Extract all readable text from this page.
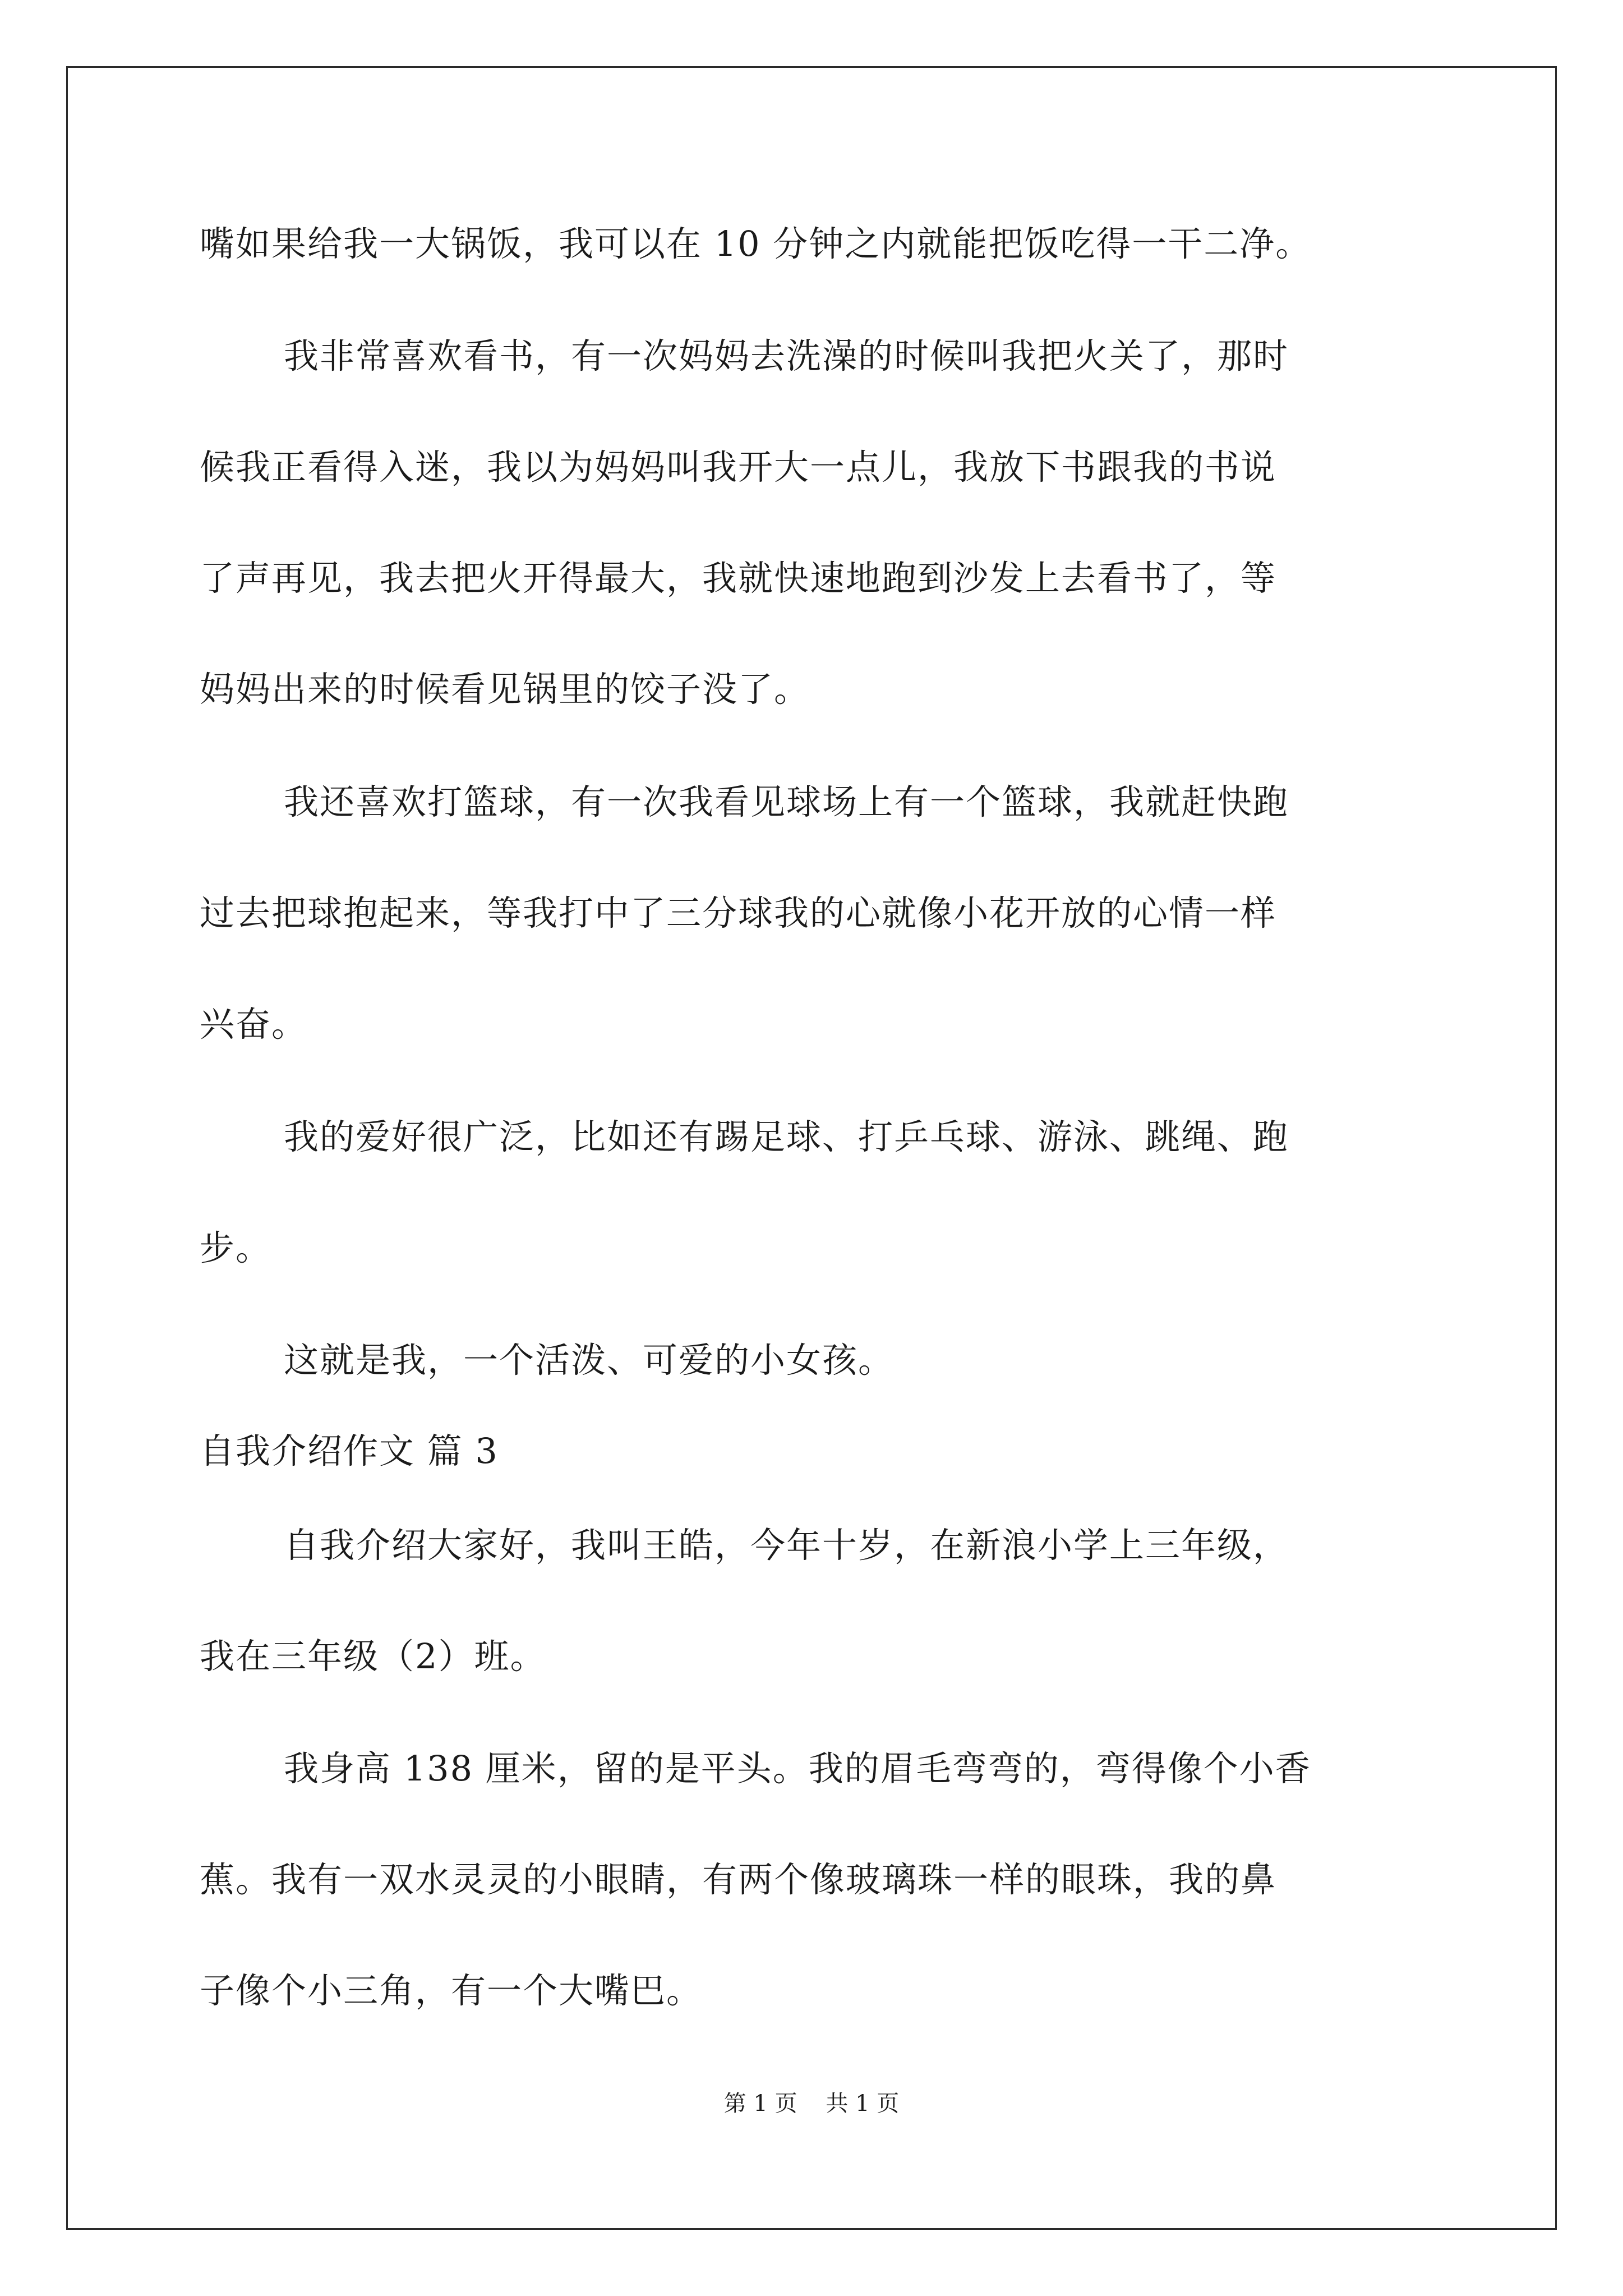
嘴如果给我一大锅饭，我可以在 10 分钟之内就能把饭吃得一干二净。
我非常喜欢看书，有一次妈妈去洗澡的时候叫我把火关了，那时
候我正看得入迷，我以为妈妈叫我开大一点儿，我放下书跟我的书说
了声再见，我去把火开得最大，我就快速地跑到沙发上去看书了，等
妈妈出来的时候看见锅里的饺子没了。
我还喜欢打篮球，有一次我看见球场上有一个篮球，我就赶快跑
过去把球抱起来，等我打中了三分球我的心就像小花开放的心情一样
兴奋。
我的爱好很广泛，比如还有踢足球、打乒乓球、游泳、跳绳、跑
步。
这就是我，一个活泼、可爱的小女孩。
自我介绍作文 篇 3
自我介绍大家好，我叫王皓，今年十岁，在新浪小学上三年级，
我在三年级（2）班。
我身高 138 厘米，留的是平头。我的眉毛弯弯的，弯得像个小香
蕉。我有一双水灵灵的小眼睛，有两个像玻璃珠一样的眼珠，我的鼻
子像个小三角，有一个大嘴巴。
第 1 页    共 1 页
